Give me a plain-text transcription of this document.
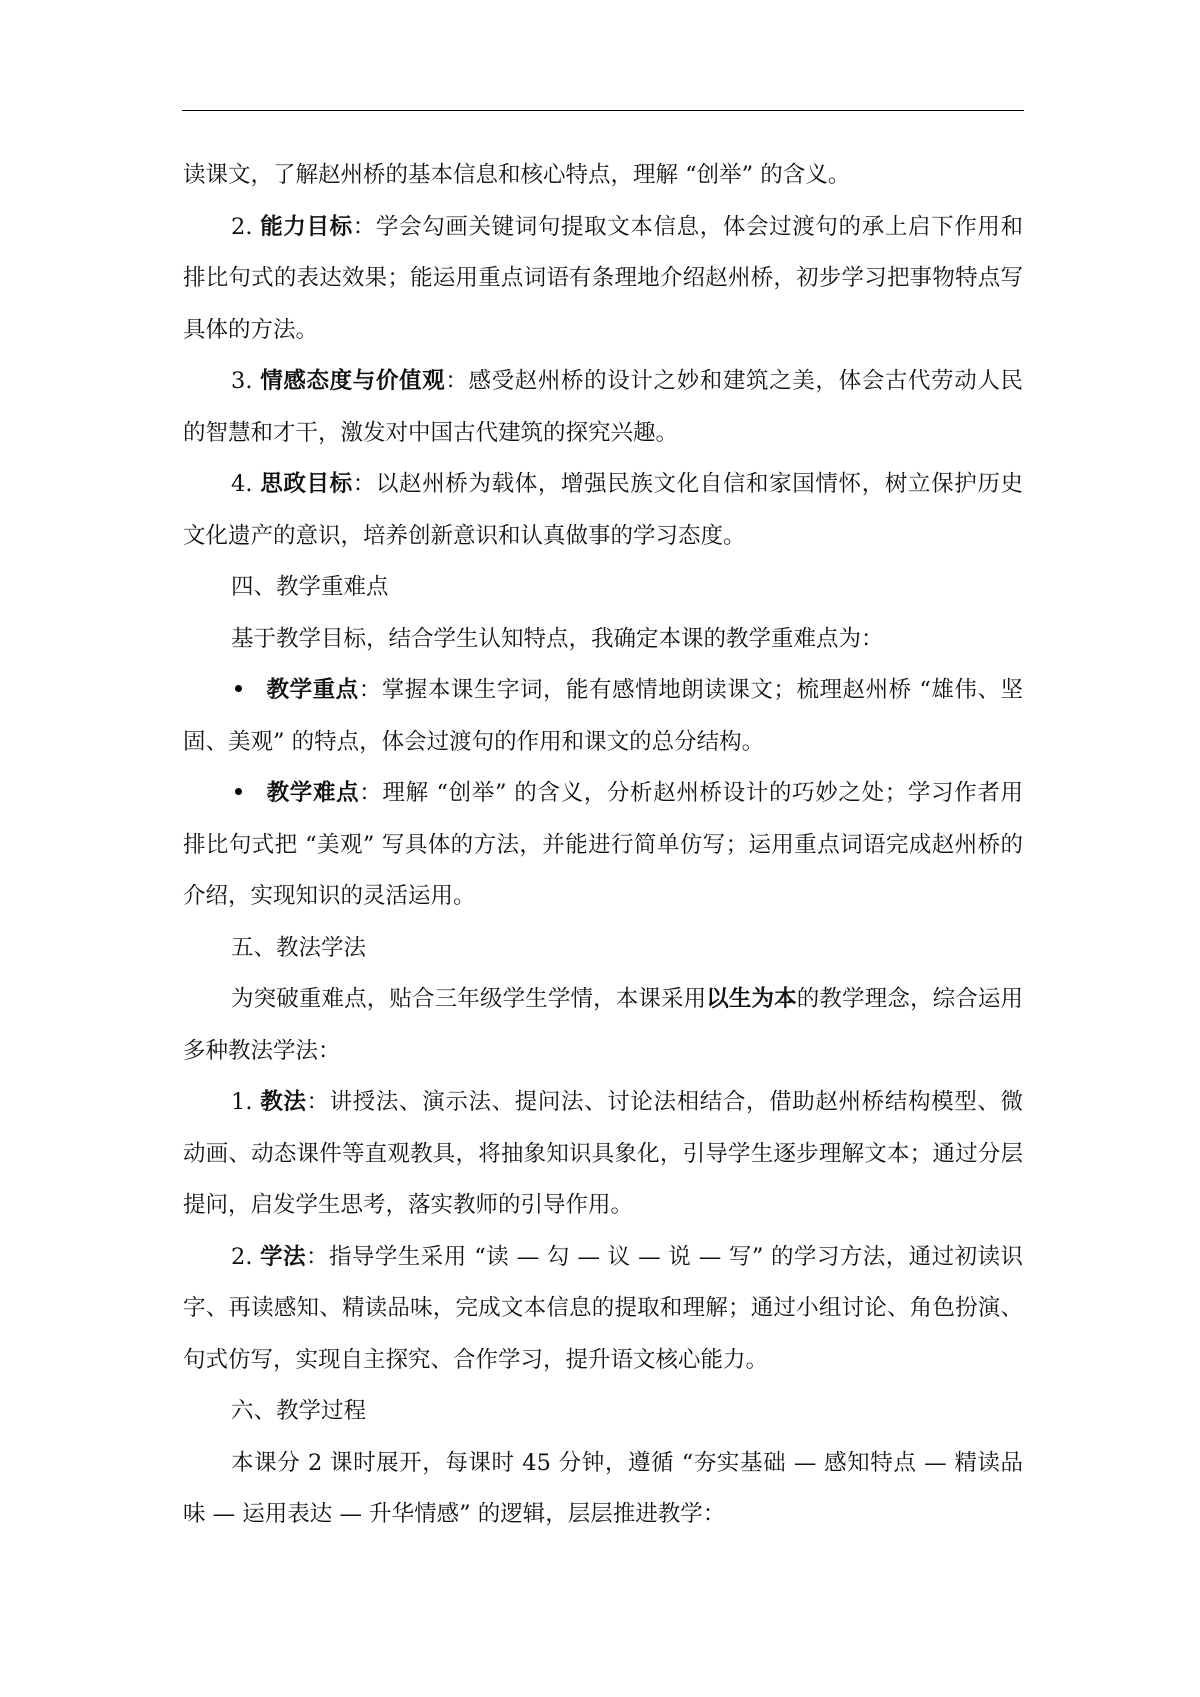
读课文，了解赵州桥的基本信息和核心特点，理解 “创举” 的含义。

2. 能力目标：学会勾画关键词句提取文本信息，体会过渡句的承上启下作用和排比句式的表达效果；能运用重点词语有条理地介绍赵州桥，初步学习把事物特点写具体的方法。

3. 情感态度与价值观：感受赵州桥的设计之妙和建筑之美，体会古代劳动人民的智慧和才干，激发对中国古代建筑的探究兴趣。

4. 思政目标：以赵州桥为载体，增强民族文化自信和家国情怀，树立保护历史文化遗产的意识，培养创新意识和认真做事的学习态度。

四、教学重难点

基于教学目标，结合学生认知特点，我确定本课的教学重难点为：

教学重点：掌握本课生字词，能有感情地朗读课文；梳理赵州桥 “雄伟、坚固、美观” 的特点，体会过渡句的作用和课文的总分结构。

教学难点：理解 “创举” 的含义，分析赵州桥设计的巧妙之处；学习作者用排比句式把 “美观” 写具体的方法，并能进行简单仿写；运用重点词语完成赵州桥的介绍，实现知识的灵活运用。

五、教法学法

为突破重难点，贴合三年级学生学情，本课采用以生为本的教学理念，综合运用多种教法学法：

1. 教法：讲授法、演示法、提问法、讨论法相结合，借助赵州桥结构模型、微动画、动态课件等直观教具，将抽象知识具象化，引导学生逐步理解文本；通过分层提问，启发学生思考，落实教师的引导作用。

2. 学法：指导学生采用 “读 — 勾 — 议 — 说 — 写” 的学习方法，通过初读识字、再读感知、精读品味，完成文本信息的提取和理解；通过小组讨论、角色扮演、句式仿写，实现自主探究、合作学习，提升语文核心能力。

六、教学过程

本课分 2 课时展开，每课时 45 分钟，遵循 “夯实基础 — 感知特点 — 精读品味 — 运用表达 — 升华情感” 的逻辑，层层推进教学：
